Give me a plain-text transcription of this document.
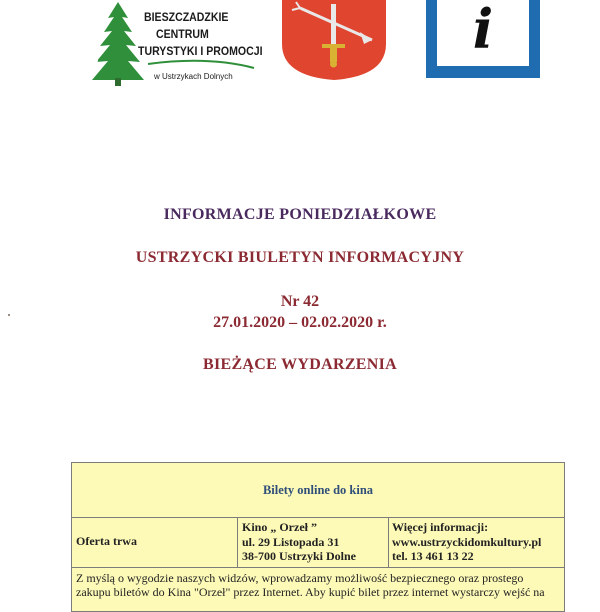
BIESZCZADZKIE
CENTRUM
TURYSTYKI I PROMOCJI
w Ustrzykach Dolnych
i
INFORMACJE PONIEDZIAŁKOWE
USTRZYCKI BIULETYN INFORMACYJNY
Nr 42
27.01.2020 – 02.02.2020 r.
BIEŻĄCE WYDARZENIA
Bilety online do kina
Oferta trwa
Kino „ Orzeł ”
ul. 29 Listopada 31
38-700 Ustrzyki Dolne
Więcej informacji:
www.ustrzyckidomkultury.pl
tel. 13 461 13 22
Z myślą o wygodzie naszych widzów, wprowadzamy możliwość bezpiecznego oraz prostego
zakupu biletów do Kina "Orzeł" przez Internet. Aby kupić bilet przez internet wystarczy wejść na
